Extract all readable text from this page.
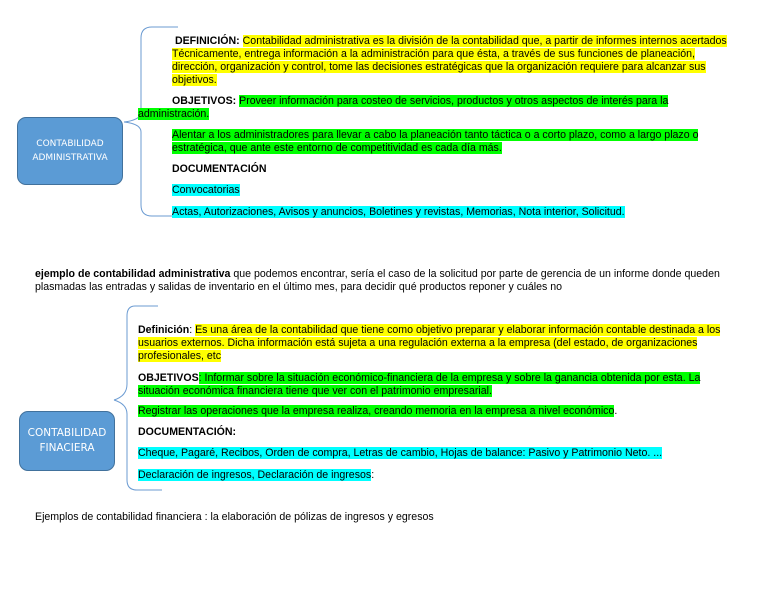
CONTABILIDAD ADMINISTRATIVA
DEFINICIÓN: Contabilidad administrativa es la división de la contabilidad que, a partir de informes internos acertados Técnicamente, entrega información a la administración para que ésta, a través de sus funciones de planeación, dirección, organización y control, tome las decisiones estratégicas que la organización requiere para alcanzar sus objetivos.
OBJETIVOS: Proveer información para costeo de servicios, productos y otros aspectos de interés para la administración.
Alentar a los administradores para llevar a cabo la planeación tanto táctica o a corto plazo, como a largo plazo o estratégica, que ante este entorno de competitividad es cada día más.
DOCUMENTACIÓN
Convocatorias
Actas, Autorizaciones, Avisos y anuncios, Boletines y revistas, Memorias, Nota interior, Solicitud.
ejemplo de contabilidad administrativa que podemos encontrar, sería el caso de la solicitud por parte de gerencia de un informe donde queden plasmadas las entradas y salidas de inventario en el último mes, para decidir qué productos reponer y cuáles no
CONTABILIDAD FINACIERA
Definición: Es una área de la contabilidad que tiene como objetivo preparar y elaborar información contable destinada a los usuarios externos. Dicha información está sujeta a una regulación externa a la empresa (del estado, de organizaciones profesionales, etc
OBJETIVOS: Informar sobre la situación económico-financiera de la empresa y sobre la ganancia obtenida por esta. La situación económica financiera tiene que ver con el patrimonio empresarial.
Registrar las operaciones que la empresa realiza, creando memoria en la empresa a nivel económico.
DOCUMENTACIÓN:
Cheque, Pagaré, Recibos, Orden de compra, Letras de cambio, Hojas de balance: Pasivo y Patrimonio Neto. ...
Declaración de ingresos, Declaración de ingresos:
Ejemplos de contabilidad financiera : la elaboración de pólizas de ingresos y egresos
